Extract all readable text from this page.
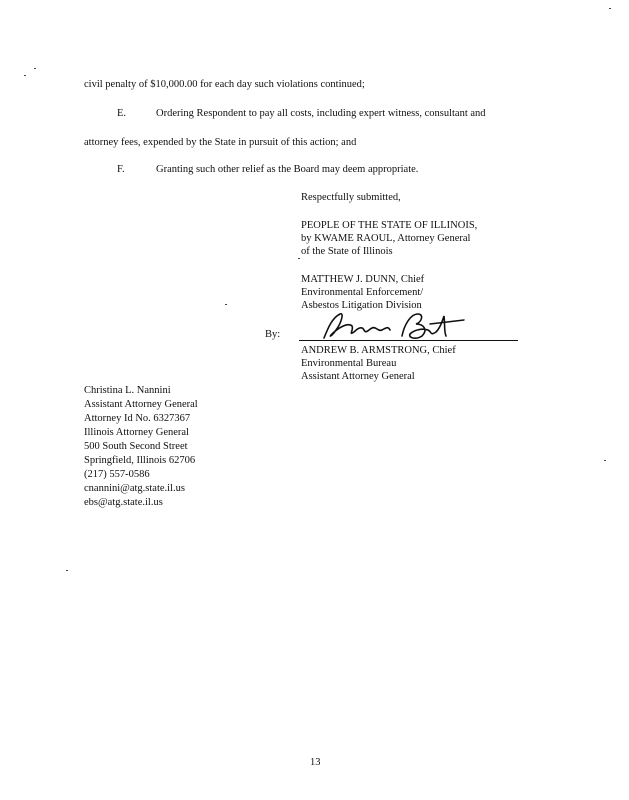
civil penalty of $10,000.00 for each day such violations continued;
E.	Ordering Respondent to pay all costs, including expert witness, consultant and
attorney fees, expended by the State in pursuit of this action; and
F.	Granting such other relief as the Board may deem appropriate.
Respectfully submitted,
PEOPLE OF THE STATE OF ILLINOIS,
by KWAME RAOUL, Attorney General
of the State of Illinois
MATTHEW J. DUNN, Chief
Environmental Enforcement/
Asbestos Litigation Division
By:
ANDREW B. ARMSTRONG, Chief
Environmental Bureau
Assistant Attorney General
Christina L. Nannini
Assistant Attorney General
Attorney Id No. 6327367
Illinois Attorney General
500 South Second Street
Springfield, Illinois 62706
(217) 557-0586
cnannini@atg.state.il.us
ebs@atg.state.il.us
13
